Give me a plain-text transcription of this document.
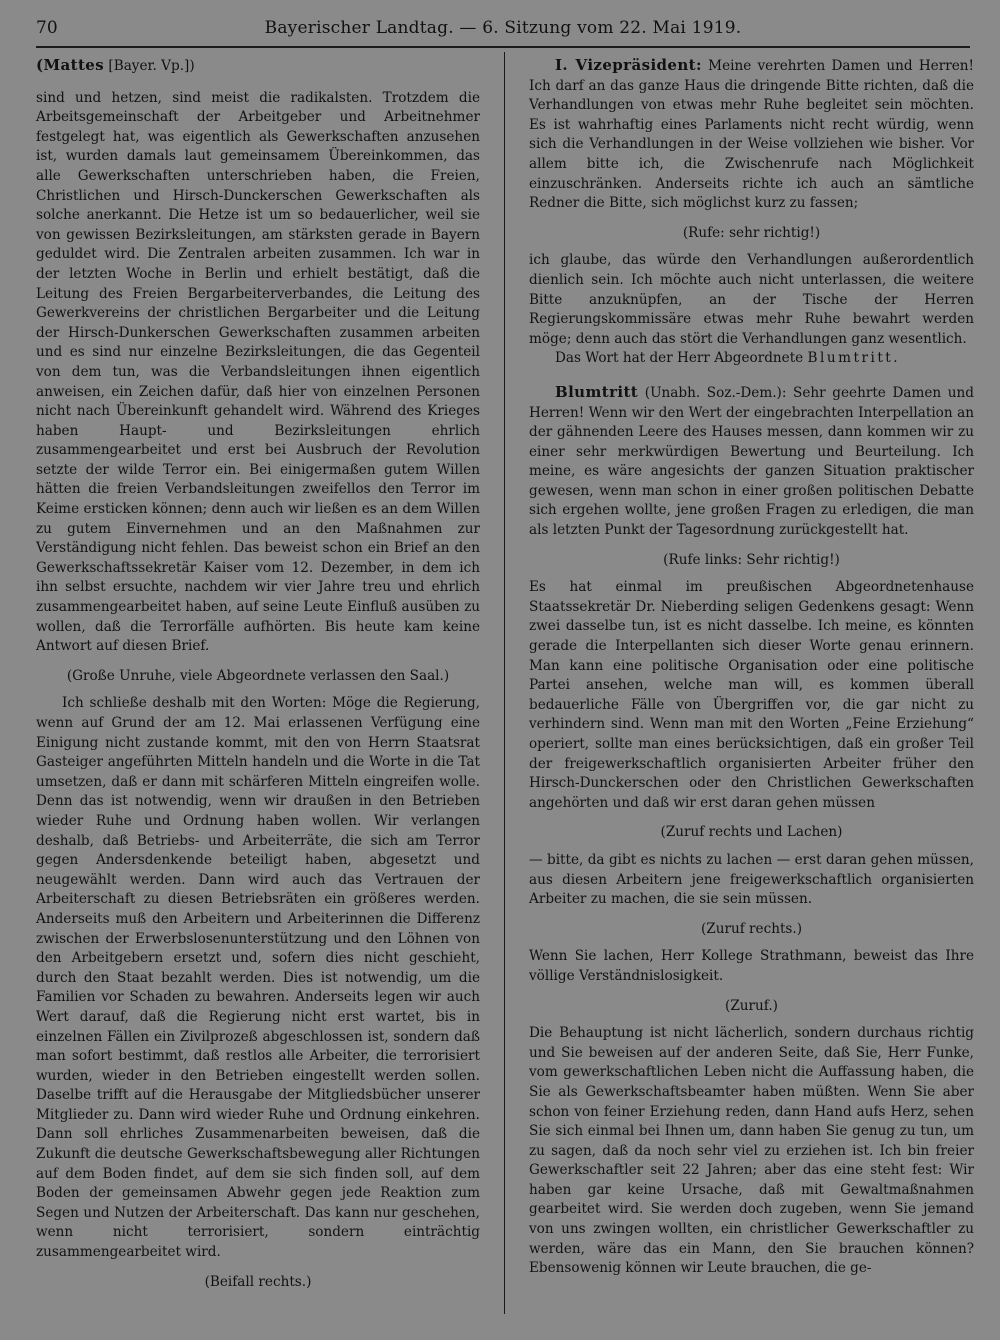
70	Bayerischer Landtag. — 6. Sitzung vom 22. Mai 1919.

(Mattes [Bayer. Vp.])

sind und hetzen, sind meist die radikalsten. Trotzdem die Arbeitsgemeinschaft der Arbeitgeber und Arbeitnehmer festgelegt hat, was eigentlich als Gewerkschaften anzusehen ist, wurden damals laut gemeinsamem Übereinkommen, das alle Gewerkschaften unterschrieben haben, die Freien, Christlichen und Hirsch-Dunckerschen Gewerkschaften als solche anerkannt. Die Hetze ist um so bedauerlicher, weil sie von gewissen Bezirksleitungen, am stärksten gerade in Bayern geduldet wird. Die Zentralen arbeiten zusammen. Ich war in der letzten Woche in Berlin und erhielt bestätigt, daß die Leitung des Freien Bergarbeiterverbandes, die Leitung des Gewerkvereins der christlichen Bergarbeiter und die Leitung der Hirsch-Dunkerschen Gewerkschaften zusammen arbeiten und es sind nur einzelne Bezirksleitungen, die das Gegenteil von dem tun, was die Verbandsleitungen ihnen eigentlich anweisen, ein Zeichen dafür, daß hier von einzelnen Personen nicht nach Übereinkunft gehandelt wird. Während des Krieges haben Haupt- und Bezirksleitungen ehrlich zusammengearbeitet und erst bei Ausbruch der Revolution setzte der wilde Terror ein. Bei einigermaßen gutem Willen hätten die freien Verbandsleitungen zweifellos den Terror im Keime ersticken können; denn auch wir ließen es an dem Willen zu gutem Einvernehmen und an den Maßnahmen zur Verständigung nicht fehlen. Das beweist schon ein Brief an den Gewerkschaftssekretär Kaiser vom 12. Dezember, in dem ich ihn selbst ersuchte, nachdem wir vier Jahre treu und ehrlich zusammengearbeitet haben, auf seine Leute Einfluß ausüben zu wollen, daß die Terrorfälle aufhörten. Bis heute kam keine Antwort auf diesen Brief.

(Große Unruhe, viele Abgeordnete verlassen den Saal.)

Ich schließe deshalb mit den Worten: Möge die Regierung, wenn auf Grund der am 12. Mai erlassenen Verfügung eine Einigung nicht zustande kommt, mit den von Herrn Staatsrat Gasteiger angeführten Mitteln handeln und die Worte in die Tat umsetzen, daß er dann mit schärferen Mitteln eingreifen wolle. Denn das ist notwendig, wenn wir draußen in den Betrieben wieder Ruhe und Ordnung haben wollen. Wir verlangen deshalb, daß Betriebs- und Arbeiterräte, die sich am Terror gegen Andersdenkende beteiligt haben, abgesetzt und neugewählt werden. Dann wird auch das Vertrauen der Arbeiterschaft zu diesen Betriebsräten ein größeres werden. Anderseits muß den Arbeitern und Arbeiterinnen die Differenz zwischen der Erwerbslosenunterstützung und den Löhnen von den Arbeitgebern ersetzt und, sofern dies nicht geschieht, durch den Staat bezahlt werden. Dies ist notwendig, um die Familien vor Schaden zu bewahren. Anderseits legen wir auch Wert darauf, daß die Regierung nicht erst wartet, bis in einzelnen Fällen ein Zivilprozeß abgeschlossen ist, sondern daß man sofort bestimmt, daß restlos alle Arbeiter, die terrorisiert wurden, wieder in den Betrieben eingestellt werden sollen. Daselbe trifft auf die Herausgabe der Mitgliedsbücher unserer Mitglieder zu. Dann wird wieder Ruhe und Ordnung einkehren. Dann soll ehrliches Zusammenarbeiten beweisen, daß die Zukunft die deutsche Gewerkschaftsbewegung aller Richtungen auf dem Boden findet, auf dem sie sich finden soll, auf dem Boden der gemeinsamen Abwehr gegen jede Reaktion zum Segen und Nutzen der Arbeiterschaft. Das kann nur geschehen, wenn nicht terrorisiert, sondern einträchtig zusammengearbeitet wird.

(Beifall rechts.)

I. Vizepräsident: Meine verehrten Damen und Herren! Ich darf an das ganze Haus die dringende Bitte richten, daß die Verhandlungen von etwas mehr Ruhe begleitet sein möchten. Es ist wahrhaftig eines Parlaments nicht recht würdig, wenn sich die Verhandlungen in der Weise vollziehen wie bisher. Vor allem bitte ich, die Zwischenrufe nach Möglichkeit einzuschränken. Anderseits richte ich auch an sämtliche Redner die Bitte, sich möglichst kurz zu fassen;

(Rufe: sehr richtig!)

ich glaube, das würde den Verhandlungen außerordentlich dienlich sein. Ich möchte auch nicht unterlassen, die weitere Bitte anzuknüpfen, an der Tische der Herren Regierungskommissäre etwas mehr Ruhe bewahrt werden möge; denn auch das stört die Verhandlungen ganz wesentlich.

Das Wort hat der Herr Abgeordnete Blumtritt.

Blumtritt (Unabh. Soz.-Dem.): Sehr geehrte Damen und Herren! Wenn wir den Wert der eingebrachten Interpellation an der gähnenden Leere des Hauses messen, dann kommen wir zu einer sehr merkwürdigen Bewertung und Beurteilung. Ich meine, es wäre angesichts der ganzen Situation praktischer gewesen, wenn man schon in einer großen politischen Debatte sich ergehen wollte, jene großen Fragen zu erledigen, die man als letzten Punkt der Tagesordnung zurückgestellt hat.

(Rufe links: Sehr richtig!)

Es hat einmal im preußischen Abgeordnetenhause Staatssekretär Dr. Nieberding seligen Gedenkens gesagt: Wenn zwei dasselbe tun, ist es nicht dasselbe. Ich meine, es könnten gerade die Interpellanten sich dieser Worte genau erinnern. Man kann eine politische Organisation oder eine politische Partei ansehen, welche man will, es kommen überall bedauerliche Fälle von Übergriffen vor, die gar nicht zu verhindern sind. Wenn man mit den Worten „Feine Erziehung“ operiert, sollte man eines berücksichtigen, daß ein großer Teil der freigewerkschaftlich organisierten Arbeiter früher den Hirsch-Dunckerschen oder den Christlichen Gewerkschaften angehörten und daß wir erst daran gehen müssen

(Zuruf rechts und Lachen)

— bitte, da gibt es nichts zu lachen — erst daran gehen müssen, aus diesen Arbeitern jene freigewerkschaftlich organisierten Arbeiter zu machen, die sie sein müssen.

(Zuruf rechts.)

Wenn Sie lachen, Herr Kollege Strathmann, beweist das Ihre völlige Verständnislosigkeit.

(Zuruf.)

Die Behauptung ist nicht lächerlich, sondern durchaus richtig und Sie beweisen auf der anderen Seite, daß Sie, Herr Funke, vom gewerkschaftlichen Leben nicht die Auffassung haben, die Sie als Gewerkschaftsbeamter haben müßten. Wenn Sie aber schon von feiner Erziehung reden, dann Hand aufs Herz, sehen Sie sich einmal bei Ihnen um, dann haben Sie genug zu tun, um zu sagen, daß da noch sehr viel zu erziehen ist. Ich bin freier Gewerkschaftler seit 22 Jahren; aber das eine steht fest: Wir haben gar keine Ursache, daß mit Gewaltmaßnahmen gearbeitet wird. Sie werden doch zugeben, wenn Sie jemand von uns zwingen wollten, ein christlicher Gewerkschaftler zu werden, wäre das ein Mann, den Sie brauchen können? Ebensowenig können wir Leute brauchen, die ge-
